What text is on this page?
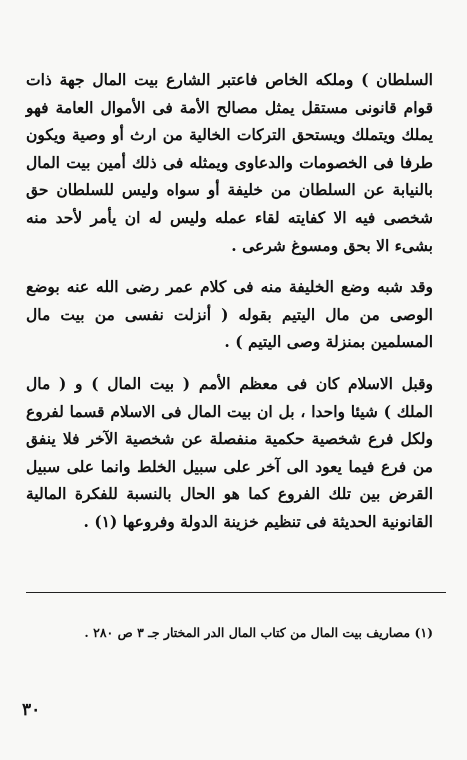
السلطان ) وملكه الخاص فاعتبر الشارع بيت المال جهة ذات قوام قانونى مستقل يمثل مصالح الأمة فى الأموال العامة فهو يملك ويتملك ويستحق التركات الخالية من ارث أو وصية ويكون طرفا فى الخصومات والدعاوى ويمثله فى ذلك أمين بيت المال بالنيابة عن السلطان من خليفة أو سواه وليس للسلطان حق شخصى فيه الا كفايته لقاء عمله وليس له ان يأمر لأحد منه بشىء الا بحق ومسوغ شرعى .

وقد شبه وضع الخليفة منه فى كلام عمر رضى الله عنه بوضع الوصى من مال اليتيم بقوله ( أنزلت نفسى من بيت مال المسلمين بمنزلة وصى اليتيم ) .

وقبل الاسلام كان فى معظم الأمم ( بيت المال ) و ( مال الملك ) شيئا واحدا ، بل ان بيت المال فى الاسلام قسما لفروع ولكل فرع شخصية حكمية منفصلة عن شخصية الآخر فلا ينفق من فرع فيما يعود الى آخر على سبيل الخلط وانما على سبيل القرض بين تلك الفروع كما هو الحال بالنسبة للفكرة المالية القانونية الحديثة فى تنظيم خزينة الدولة وفروعها (١) .

(١) مصاريف بيت المال من كتاب المال الدر المختار جـ ٣ ص ٢٨٠ .

٣٠
